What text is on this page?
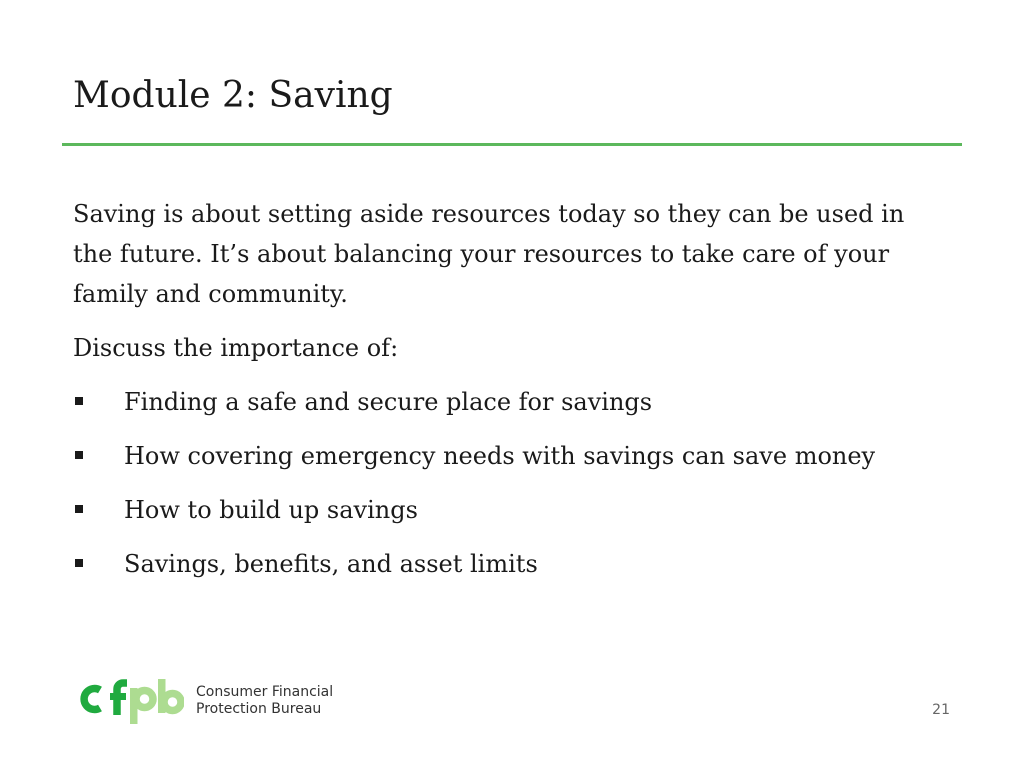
Module 2: Saving

Saving is about setting aside resources today so they can be used in the future. It’s about balancing your resources to take care of your family and community.

Discuss the importance of:

Finding a safe and secure place for savings
How covering emergency needs with savings can save money
How to build up savings
Savings, benefits, and asset limits
Consumer Financial
Protection Bureau	21
